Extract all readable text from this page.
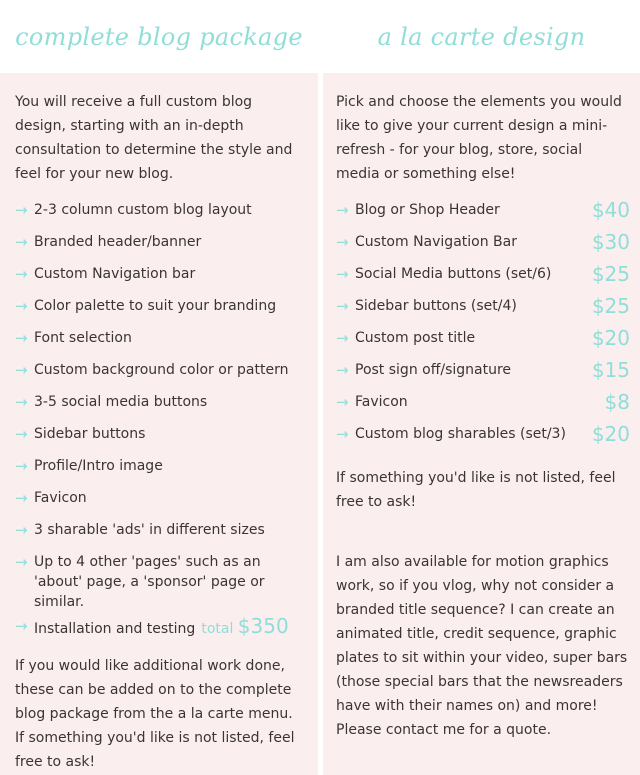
complete blog package

You will receive a full custom blog design, starting with an in-depth consultation to determine the style and feel for your new blog.

→ 2-3 column custom blog layout
→ Branded header/banner
→ Custom Navigation bar
→ Color palette to suit your branding
→ Font selection
→ Custom background color or pattern
→ 3-5 social media buttons
→ Sidebar buttons
→ Profile/Intro image
→ Favicon
→ 3 sharable 'ads' in different sizes
→ Up to 4 other 'pages' such as an 'about' page, a 'sponsor' page or similar.
→ Installation and testing total $350

If you would like additional work done, these can be added on to the complete blog package from the a la carte menu. If something you'd like is not listed, feel free to ask!

a la carte design

Pick and choose the elements you would like to give your current design a mini-refresh - for your blog, store, social media or something else!

→ Blog or Shop Header	$40
→ Custom Navigation Bar	$30
→ Social Media buttons (set/6)	$25
→ Sidebar buttons (set/4)	$25
→ Custom post title	$20
→ Post sign off/signature	$15
→ Favicon	$8
→ Custom blog sharables (set/3)	$20

If something you'd like is not listed, feel free to ask!

I am also available for motion graphics work, so if you vlog, why not consider a branded title sequence? I can create an animated title, credit sequence, graphic plates to sit within your video, super bars (those special bars that the newsreaders have with their names on) and more! Please contact me for a quote.
